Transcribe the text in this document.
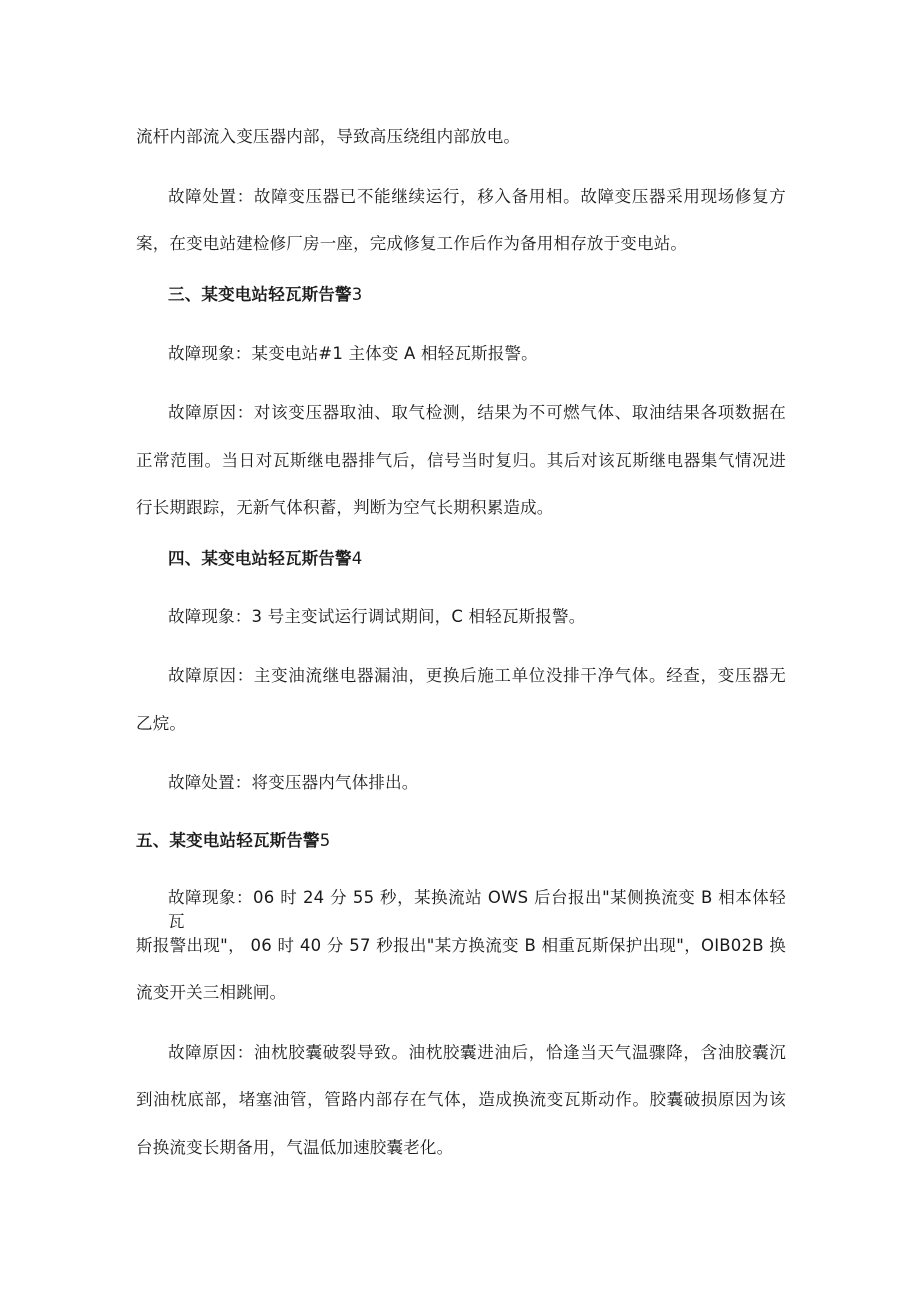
流杆内部流入变压器内部，导致高压绕组内部放电。
故障处置：故障变压器已不能继续运行，移入备用相。故障变压器采用现场修复方
案，在变电站建检修厂房一座，完成修复工作后作为备用相存放于变电站。
三、某变电站轻瓦斯告警3
故障现象：某变电站#1 主体变 A 相轻瓦斯报警。
故障原因：对该变压器取油、取气检测，结果为不可燃气体、取油结果各项数据在
正常范围。当日对瓦斯继电器排气后，信号当时复归。其后对该瓦斯继电器集气情况进
行长期跟踪，无新气体积蓄，判断为空气长期积累造成。
四、某变电站轻瓦斯告警4
故障现象：3 号主变试运行调试期间，C 相轻瓦斯报警。
故障原因：主变油流继电器漏油，更换后施工单位没排干净气体。经查，变压器无
乙烷。
故障处置：将变压器内气体排出。
五、某变电站轻瓦斯告警5
故障现象：06 时 24 分 55 秒，某换流站 OWS 后台报出"某侧换流变 B 相本体轻瓦
斯报警出现"， 06 时 40 分 57 秒报出"某方换流变 B 相重瓦斯保护出现"，OIB02B 换
流变开关三相跳闸。
故障原因：油枕胶囊破裂导致。油枕胶囊进油后，恰逢当天气温骤降，含油胶囊沉
到油枕底部，堵塞油管，管路内部存在气体，造成换流变瓦斯动作。胶囊破损原因为该
台换流变长期备用，气温低加速胶囊老化。
